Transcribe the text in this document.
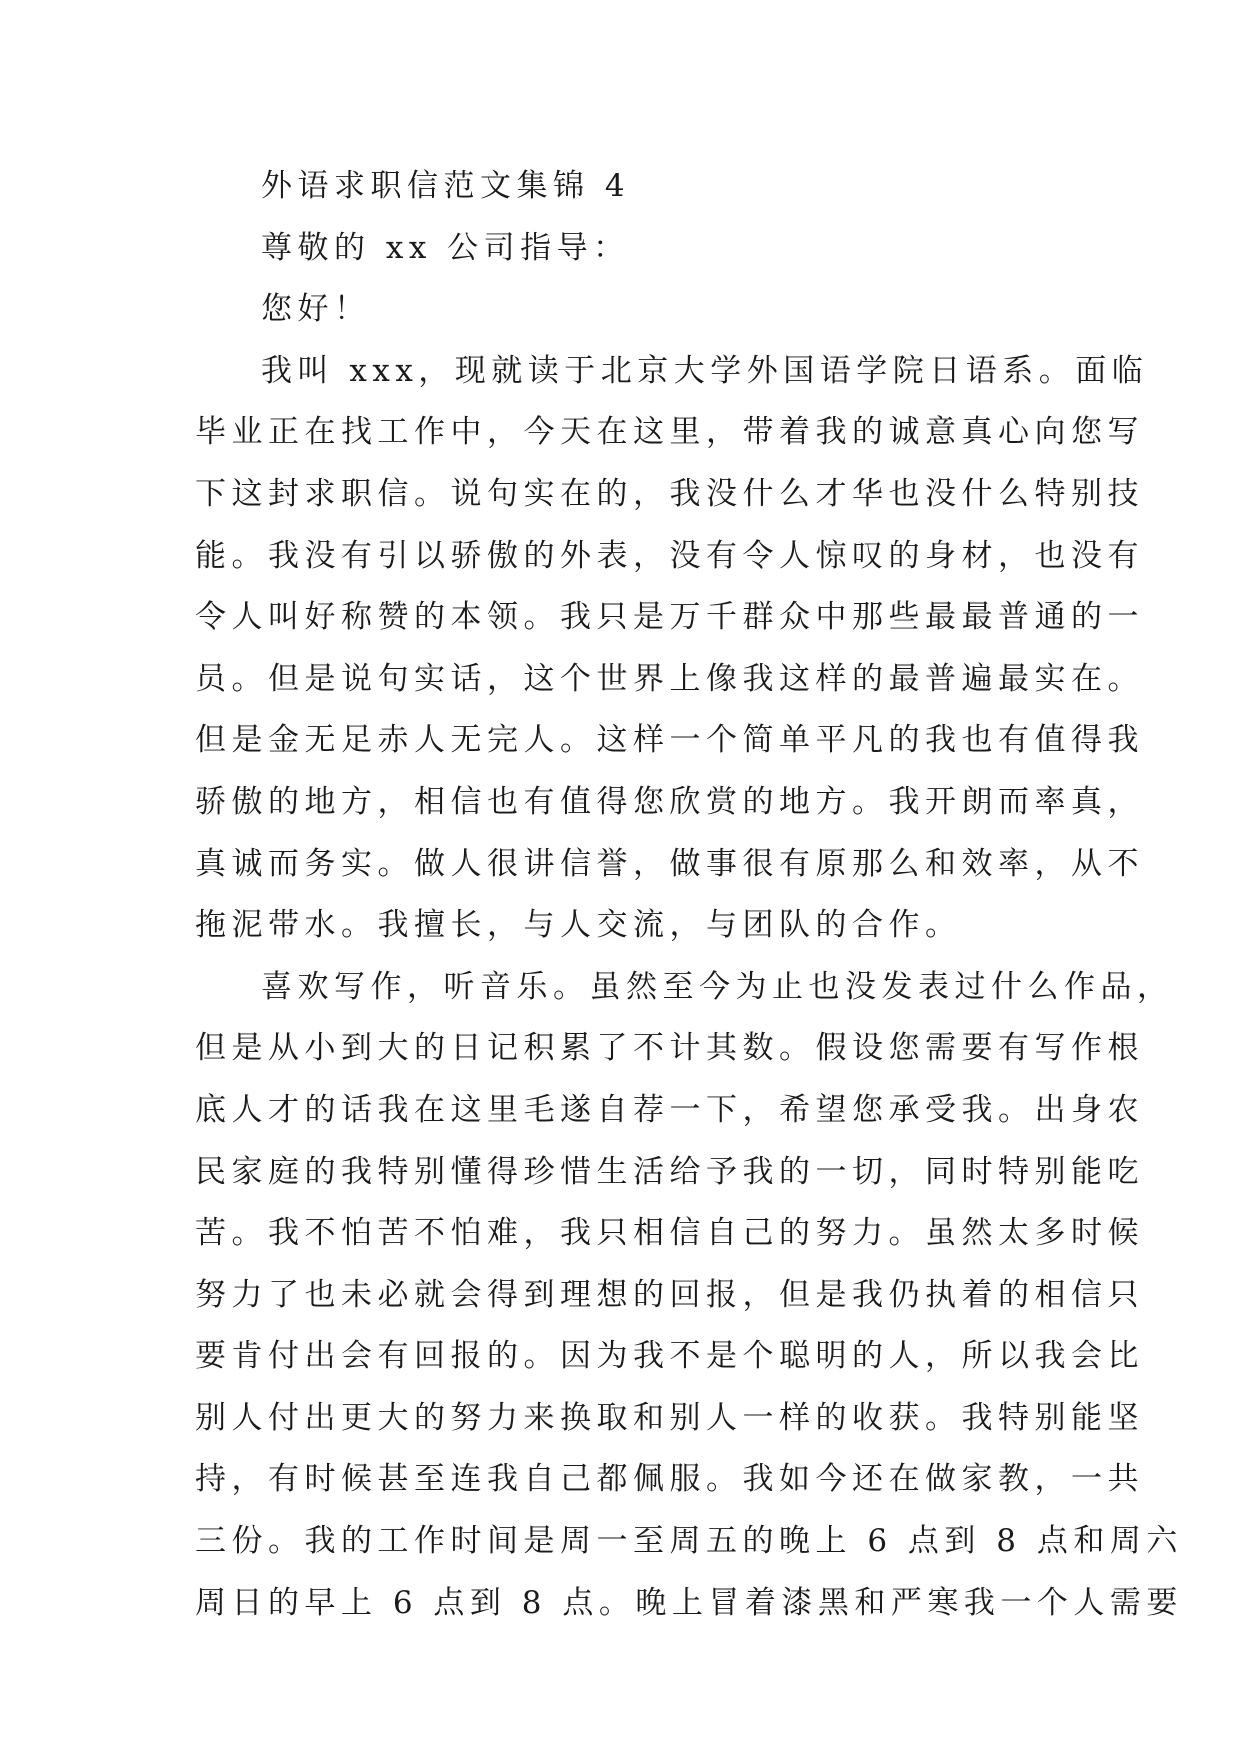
外语求职信范文集锦 4
尊敬的 xx 公司指导：
您好！
我叫 xxx，现就读于北京大学外国语学院日语系。面临
毕业正在找工作中，今天在这里，带着我的诚意真心向您写
下这封求职信。说句实在的，我没什么才华也没什么特别技
能。我没有引以骄傲的外表，没有令人惊叹的身材，也没有
令人叫好称赞的本领。我只是万千群众中那些最最普通的一
员。但是说句实话，这个世界上像我这样的最普遍最实在。
但是金无足赤人无完人。这样一个简单平凡的我也有值得我
骄傲的地方，相信也有值得您欣赏的地方。我开朗而率真，
真诚而务实。做人很讲信誉，做事很有原那么和效率，从不
拖泥带水。我擅长，与人交流，与团队的合作。
喜欢写作，听音乐。虽然至今为止也没发表过什么作品，
但是从小到大的日记积累了不计其数。假设您需要有写作根
底人才的话我在这里毛遂自荐一下，希望您承受我。出身农
民家庭的我特别懂得珍惜生活给予我的一切，同时特别能吃
苦。我不怕苦不怕难，我只相信自己的努力。虽然太多时候
努力了也未必就会得到理想的回报，但是我仍执着的相信只
要肯付出会有回报的。因为我不是个聪明的人，所以我会比
别人付出更大的努力来换取和别人一样的收获。我特别能坚
持，有时候甚至连我自己都佩服。我如今还在做家教，一共
三份。我的工作时间是周一至周五的晚上 6 点到 8 点和周六
周日的早上 6 点到 8 点。晚上冒着漆黑和严寒我一个人需要
